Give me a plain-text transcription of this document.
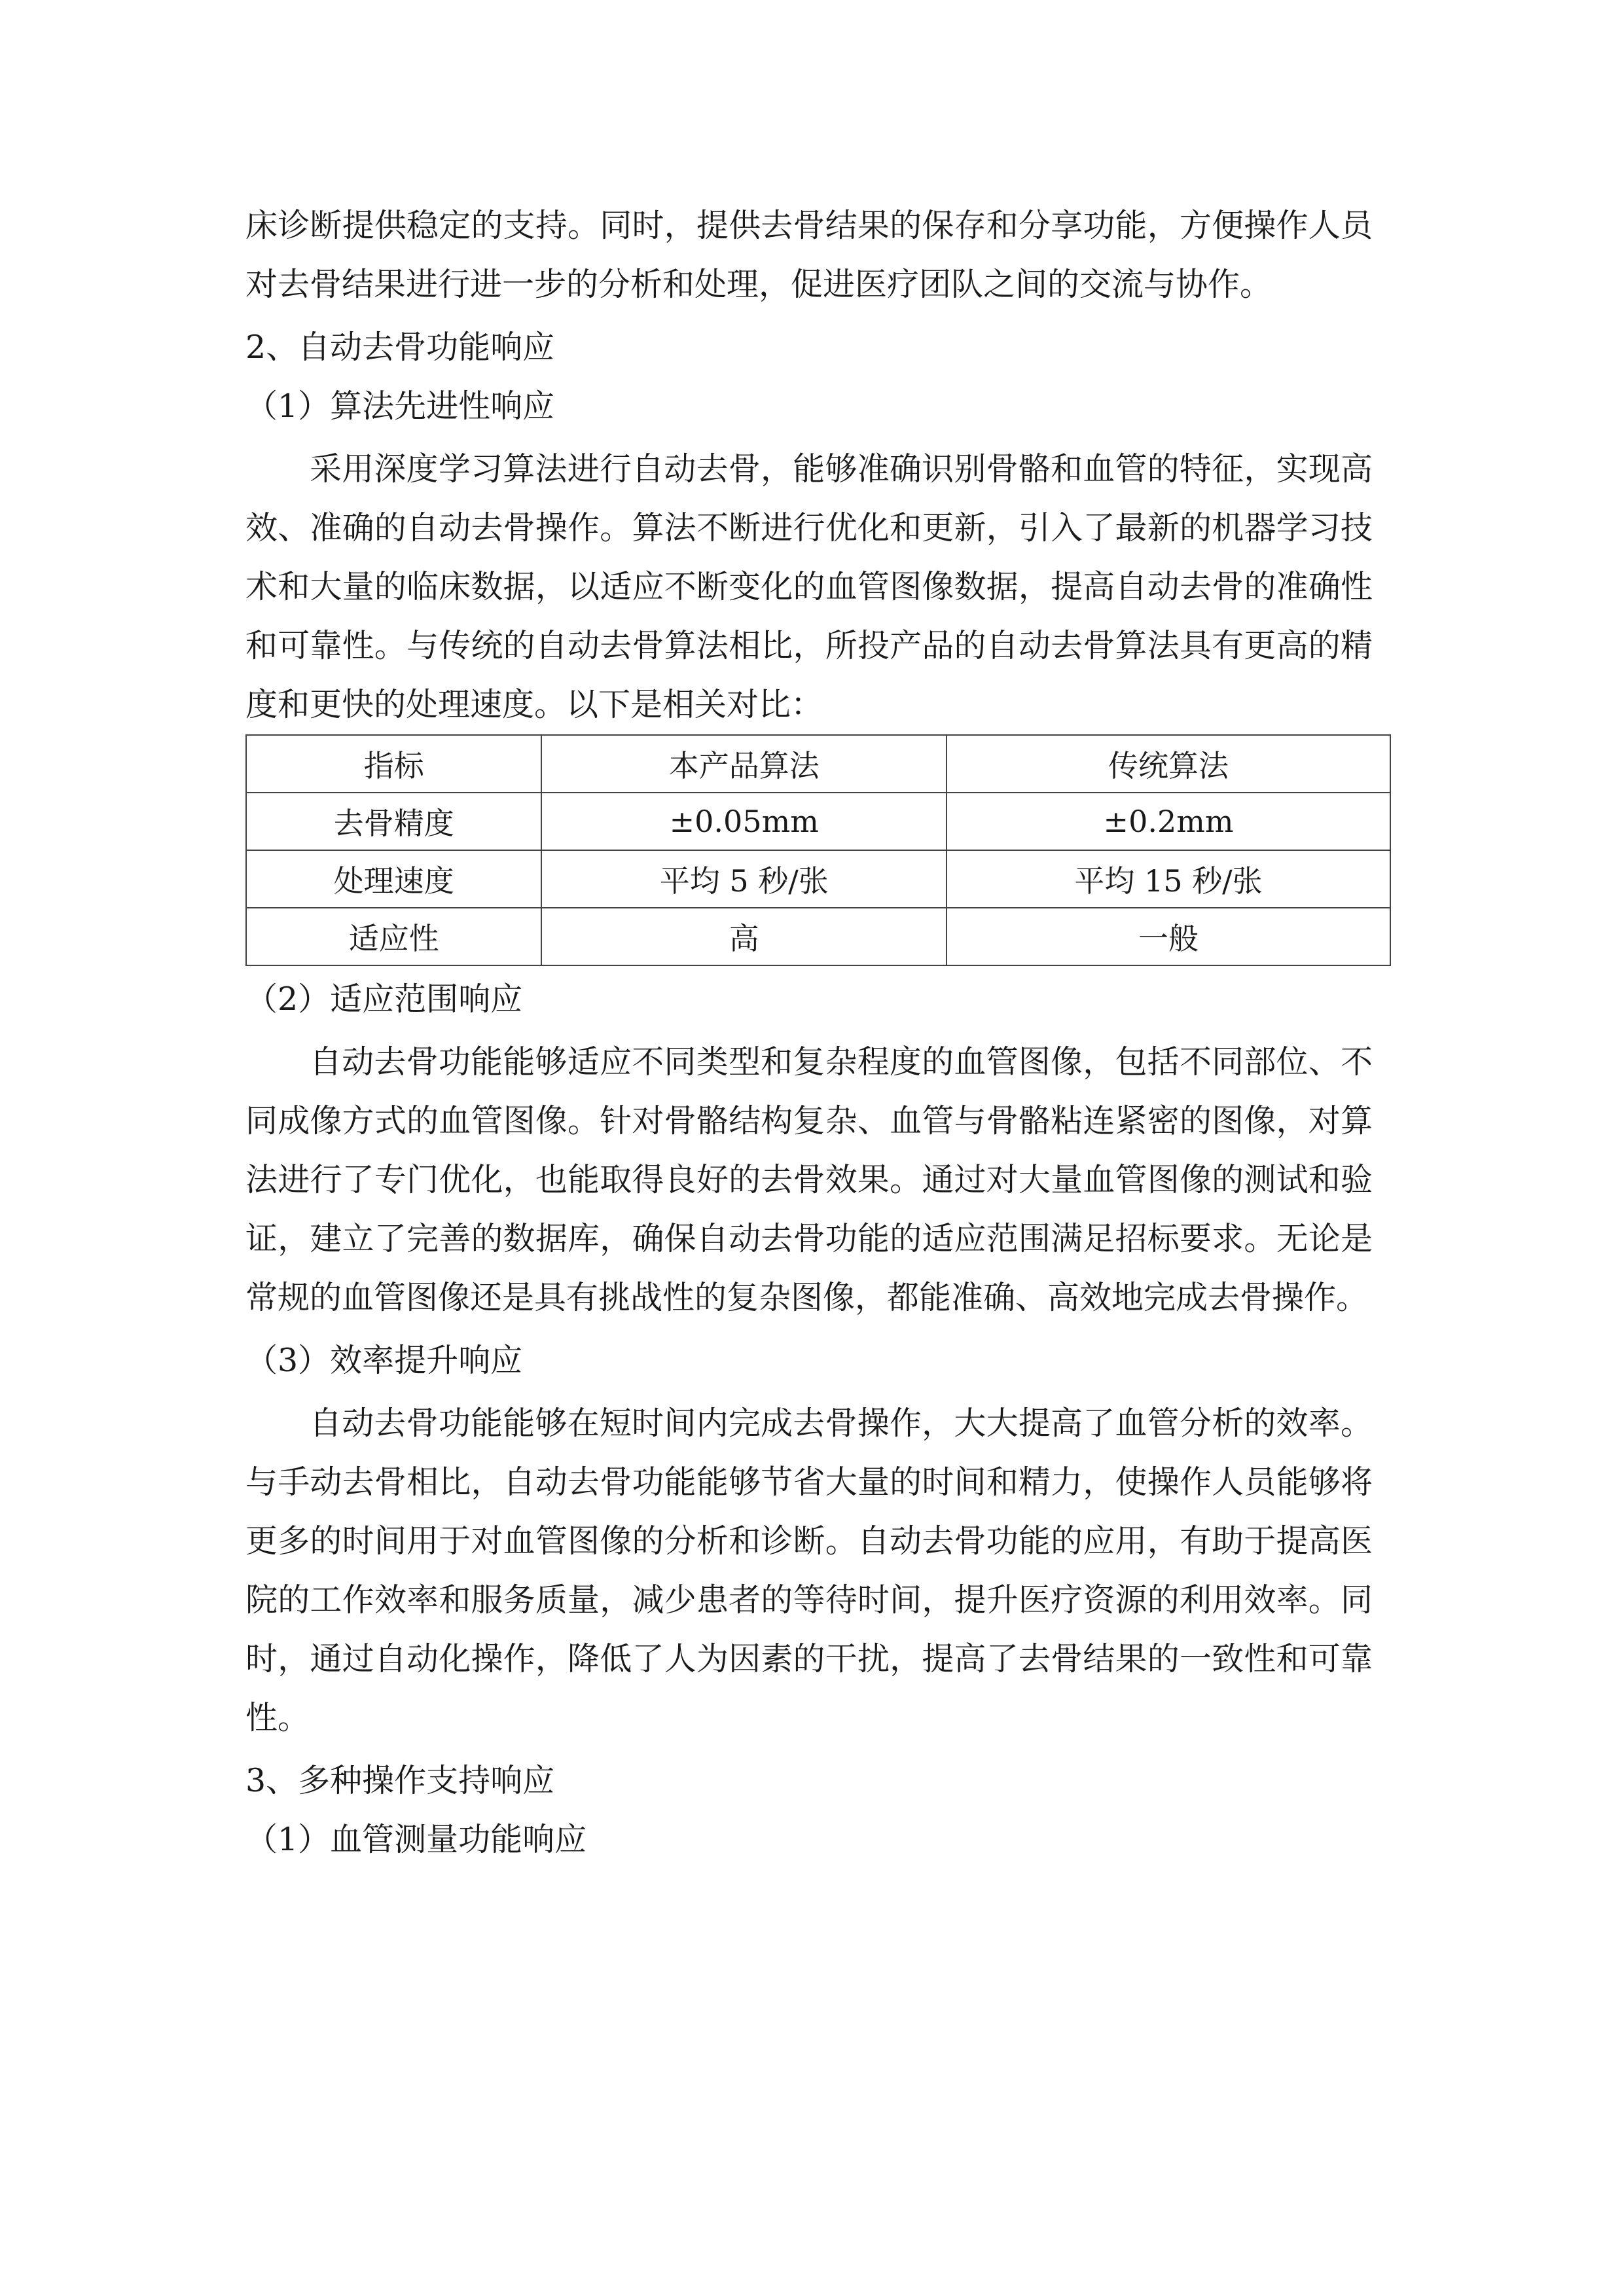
床诊断提供稳定的支持。同时，提供去骨结果的保存和分享功能，方便操作人员对去骨结果进行进一步的分析和处理，促进医疗团队之间的交流与协作。

2、自动去骨功能响应

（1）算法先进性响应

采用深度学习算法进行自动去骨，能够准确识别骨骼和血管的特征，实现高效、准确的自动去骨操作。算法不断进行优化和更新，引入了最新的机器学习技术和大量的临床数据，以适应不断变化的血管图像数据，提高自动去骨的准确性和可靠性。与传统的自动去骨算法相比，所投产品的自动去骨算法具有更高的精度和更快的处理速度。以下是相关对比：

指标	本产品算法	传统算法
去骨精度	±0.05mm	±0.2mm
处理速度	平均 5 秒/张	平均 15 秒/张
适应性	高	一般

（2）适应范围响应

自动去骨功能能够适应不同类型和复杂程度的血管图像，包括不同部位、不同成像方式的血管图像。针对骨骼结构复杂、血管与骨骼粘连紧密的图像，对算法进行了专门优化，也能取得良好的去骨效果。通过对大量血管图像的测试和验证，建立了完善的数据库，确保自动去骨功能的适应范围满足招标要求。无论是常规的血管图像还是具有挑战性的复杂图像，都能准确、高效地完成去骨操作。

（3）效率提升响应

自动去骨功能能够在短时间内完成去骨操作，大大提高了血管分析的效率。与手动去骨相比，自动去骨功能能够节省大量的时间和精力，使操作人员能够将更多的时间用于对血管图像的分析和诊断。自动去骨功能的应用，有助于提高医院的工作效率和服务质量，减少患者的等待时间，提升医疗资源的利用效率。同时，通过自动化操作，降低了人为因素的干扰，提高了去骨结果的一致性和可靠性。

3、多种操作支持响应

（1）血管测量功能响应
